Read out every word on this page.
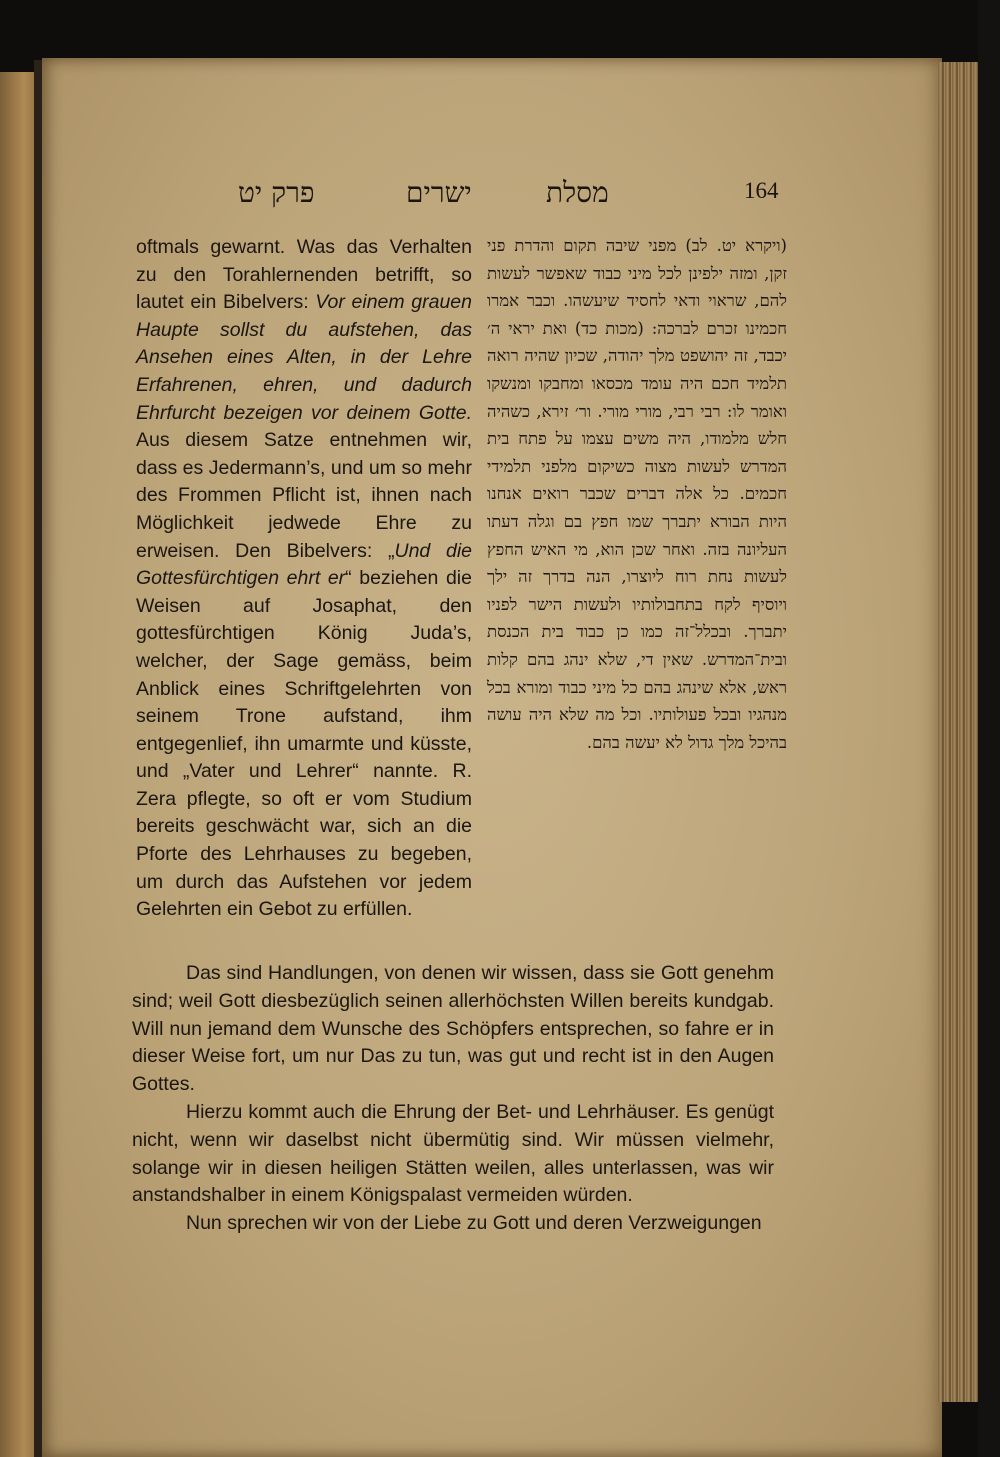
פרק יט	ישרים	מסלת	164
oftmals gewarnt. Was das Verhalten zu den Torahlernenden betrifft, so lautet ein Bibelvers: Vor einem grauen Haupte sollst du aufstehen, das Ansehen eines Alten, in der Lehre Erfahrenen, ehren, und dadurch Ehrfurcht bezeigen vor deinem Gotte. Aus diesem Satze entnehmen wir, dass es Jedermann’s, und um so mehr des Frommen Pflicht ist, ihnen nach Möglichkeit jedwede Ehre zu erweisen. Den Bibelvers: „Und die Gottesfürchtigen ehrt er“ beziehen die Weisen auf Josaphat, den gottesfürchtigen König Juda’s, welcher, der Sage gemäss, beim Anblick eines Schriftgelehrten von seinem Trone aufstand, ihm entgegenlief, ihn umarmte und küsste, und „Vater und Lehrer“ nannte. R. Zera pflegte, so oft er vom Studium bereits geschwächt war, sich an die Pforte des Lehrhauses zu begeben, um durch das Aufstehen vor jedem Gelehrten ein Gebot zu erfüllen.
(ויקרא יט. לב) מפני שיבה תקום והדרת פני זקן, ומזה ילפינן לכל מיני כבוד שאפשר לעשות להם, שראוי ודאי לחסיד שיעשהו. וכבר אמרו חכמינו זכרם לברכה: (מכות כד) ואת יראי ה׳ יכבד, זה יהושפט מלך יהודה, שכיון שהיה רואה תלמיד חכם היה עומד מכסאו ומחבקו ומנשקו ואומר לו: רבי רבי, מורי מורי. ור׳ זירא, כשהיה חלש מלמודו, היה משים עצמו על פתח בית המדרש לעשות מצוה כשיקום מלפני תלמידי חכמים. כל אלה דברים שכבר רואים אנחנו היות הבורא יתברך שמו חפץ בם וגלה דעתו העליונה בזה. ואחר שכן הוא, מי האיש החפץ לעשות נחת רוח ליוצרו, הנה בדרך זה ילך ויוסיף לקח בתחבולותיו ולעשות הישר לפניו יתברך. ובכלל־זה כמו כן כבוד בית הכנסת ובית־המדרש. שאין די, שלא ינהג בהם קלות ראש, אלא שינהג בהם כל מיני כבוד ומורא בכל מנהגיו ובכל פעולותיו. וכל מה שלא היה עושה בהיכל מלך גדול לא יעשה בהם.

Das sind Handlungen, von denen wir wissen, dass sie Gott genehm sind; weil Gott diesbezüglich seinen allerhöchsten Willen bereits kundgab. Will nun jemand dem Wunsche des Schöpfers entsprechen, so fahre er in dieser Weise fort, um nur Das zu tun, was gut und recht ist in den Augen Gottes.

Hierzu kommt auch die Ehrung der Bet- und Lehrhäuser. Es genügt nicht, wenn wir daselbst nicht übermütig sind. Wir müssen vielmehr, solange wir in diesen heiligen Stätten weilen, alles unterlassen, was wir anstandshalber in einem Königspalast vermeiden würden.

Nun sprechen wir von der Liebe zu Gott und deren Verzweigungen
